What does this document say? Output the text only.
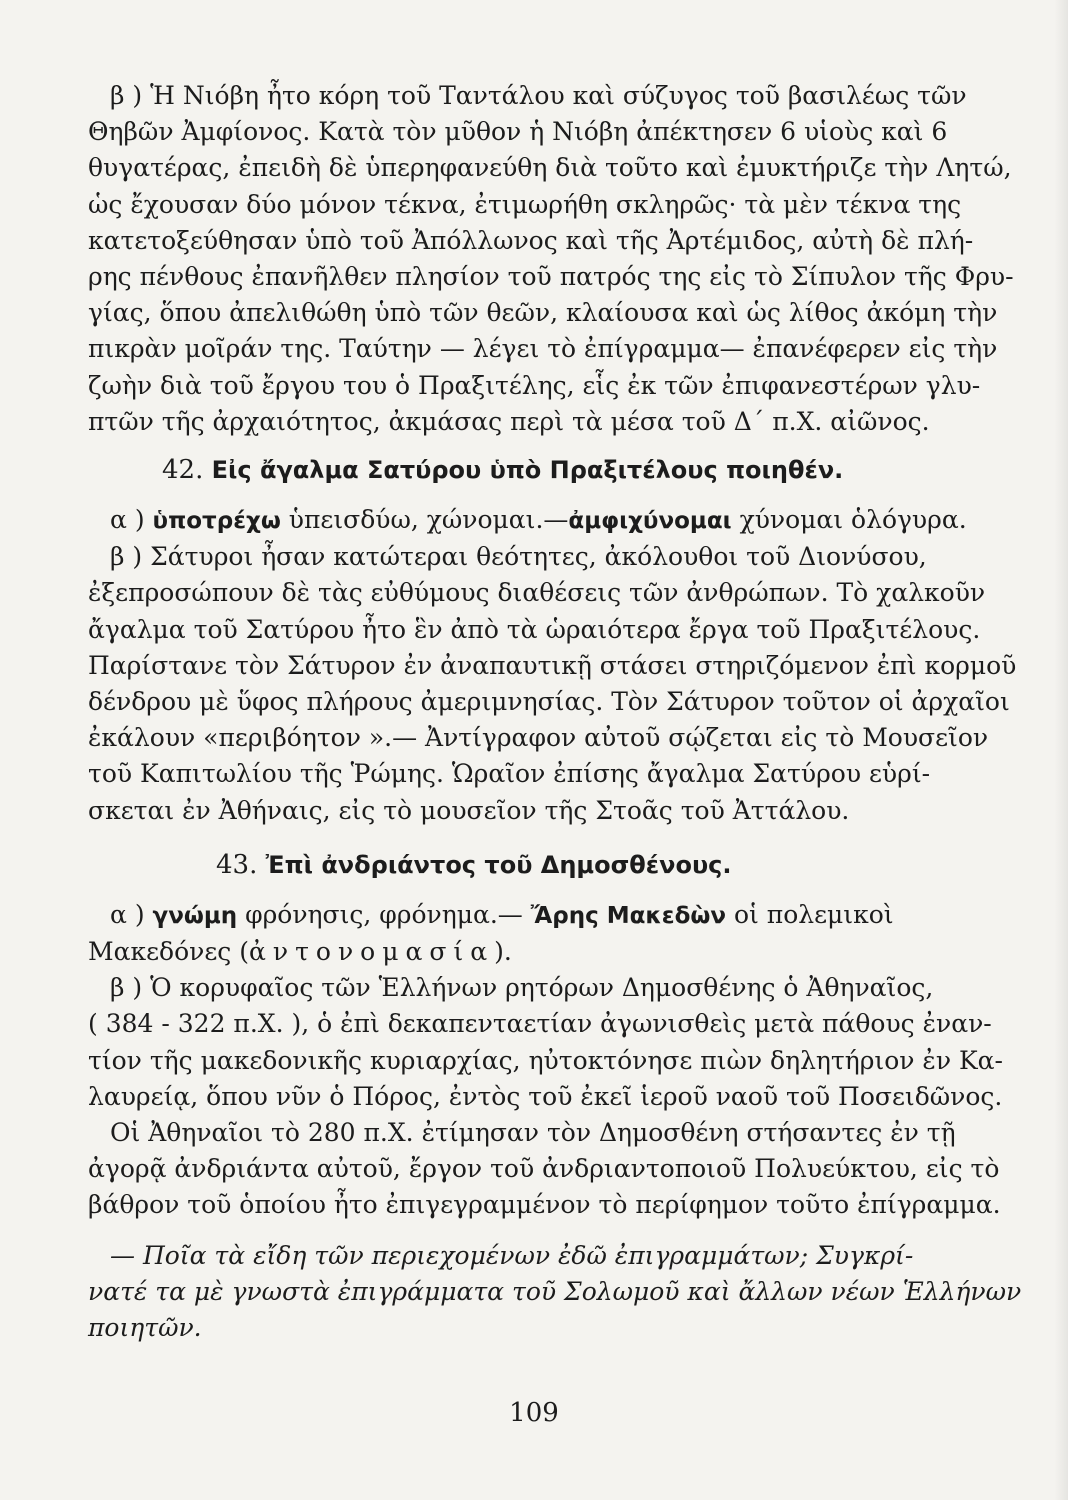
β ) Ἡ Νιόβη ἦτο κόρη τοῦ Ταντάλου καὶ σύζυγος τοῦ βασιλέως τῶν
Θηβῶν Ἀμφίονος. Κατὰ τὸν μῦθον ἡ Νιόβη ἀπέκτησεν 6 υἱοὺς καὶ 6
θυγατέρας, ἐπειδὴ δὲ ὑπερηφανεύθη διὰ τοῦτο καὶ ἐμυκτήριζε τὴν Λητώ,
ὡς ἔχουσαν δύο μόνον τέκνα, ἐτιμωρήθη σκληρῶς· τὰ μὲν τέκνα της
κατετοξεύθησαν ὑπὸ τοῦ Ἀπόλλωνος καὶ τῆς Ἀρτέμιδος, αὐτὴ δὲ πλή-
ρης πένθους ἐπανῆλθεν πλησίον τοῦ πατρός της εἰς τὸ Σίπυλον τῆς Φρυ-
γίας, ὅπου ἀπελιθώθη ὑπὸ τῶν θεῶν, κλαίουσα καὶ ὡς λίθος ἀκόμη τὴν
πικρὰν μοῖράν της. Ταύτην — λέγει τὸ ἐπίγραμμα— ἐπανέφερεν εἰς τὴν
ζωὴν διὰ τοῦ ἔργου του ὁ Πραξιτέλης, εἷς ἐκ τῶν ἐπιφανεστέρων γλυ-
πτῶν τῆς ἀρχαιότητος, ἀκμάσας περὶ τὰ μέσα τοῦ Δ΄ π.Χ. αἰῶνος.
42. Εἰς ἄγαλμα Σατύρου ὑπὸ Πραξιτέλους ποιηθέν.
α ) ὑποτρέχω ὑπεισδύω, χώνομαι.—ἀμφιχύνομαι χύνομαι ὁλόγυρα.
β ) Σάτυροι ἦσαν κατώτεραι θεότητες, ἀκόλουθοι τοῦ Διονύσου,
ἐξεπροσώπουν δὲ τὰς εὐθύμους διαθέσεις τῶν ἀνθρώπων. Τὸ χαλκοῦν
ἄγαλμα τοῦ Σατύρου ἦτο ἓν ἀπὸ τὰ ὡραιότερα ἔργα τοῦ Πραξιτέλους.
Παρίστανε τὸν Σάτυρον ἐν ἀναπαυτικῇ στάσει στηριζόμενον ἐπὶ κορμοῦ
δένδρου μὲ ὕφος πλήρους ἀμεριμνησίας. Τὸν Σάτυρον τοῦτον οἱ ἀρχαῖοι
ἐκάλουν «περιβόητον ».— Ἀντίγραφον αὐτοῦ σῴζεται εἰς τὸ Μουσεῖον
τοῦ Καπιτωλίου τῆς Ῥώμης. Ὡραῖον ἐπίσης ἄγαλμα Σατύρου εὑρί-
σκεται ἐν Ἀθήναις, εἰς τὸ μουσεῖον τῆς Στοᾶς τοῦ Ἀττάλου.
43. Ἐπὶ ἀνδριάντος τοῦ Δημοσθένους.
α ) γνώμη φρόνησις, φρόνημα.— Ἄρης Μακεδὼν οἱ πολεμικοὶ
Μακεδόνες (ἀντονομασία).
β ) Ὁ κορυφαῖος τῶν Ἑλλήνων ρητόρων Δημοσθένης ὁ Ἀθηναῖος,
( 384 - 322 π.Χ. ), ὁ ἐπὶ δεκαπενταετίαν ἀγωνισθεὶς μετὰ πάθους ἐναν-
τίον τῆς μακεδονικῆς κυριαρχίας, ηὐτοκτόνησε πιὼν δηλητήριον ἐν Κα-
λαυρείᾳ, ὅπου νῦν ὁ Πόρος, ἐντὸς τοῦ ἐκεῖ ἱεροῦ ναοῦ τοῦ Ποσειδῶνος.
Οἱ Ἀθηναῖοι τὸ 280 π.Χ. ἐτίμησαν τὸν Δημοσθένη στήσαντες ἐν τῇ
ἀγορᾷ ἀνδριάντα αὐτοῦ, ἔργον τοῦ ἀνδριαντοποιοῦ Πολυεύκτου, εἰς τὸ
βάθρον τοῦ ὁποίου ἦτο ἐπιγεγραμμένον τὸ περίφημον τοῦτο ἐπίγραμμα.
— Ποῖα τὰ εἴδη τῶν περιεχομένων ἐδῶ ἐπιγραμμάτων; Συγκρί-
νατέ τα μὲ γνωστὰ ἐπιγράμματα τοῦ Σολωμοῦ καὶ ἄλλων νέων Ἑλλήνων
ποιητῶν.
109
